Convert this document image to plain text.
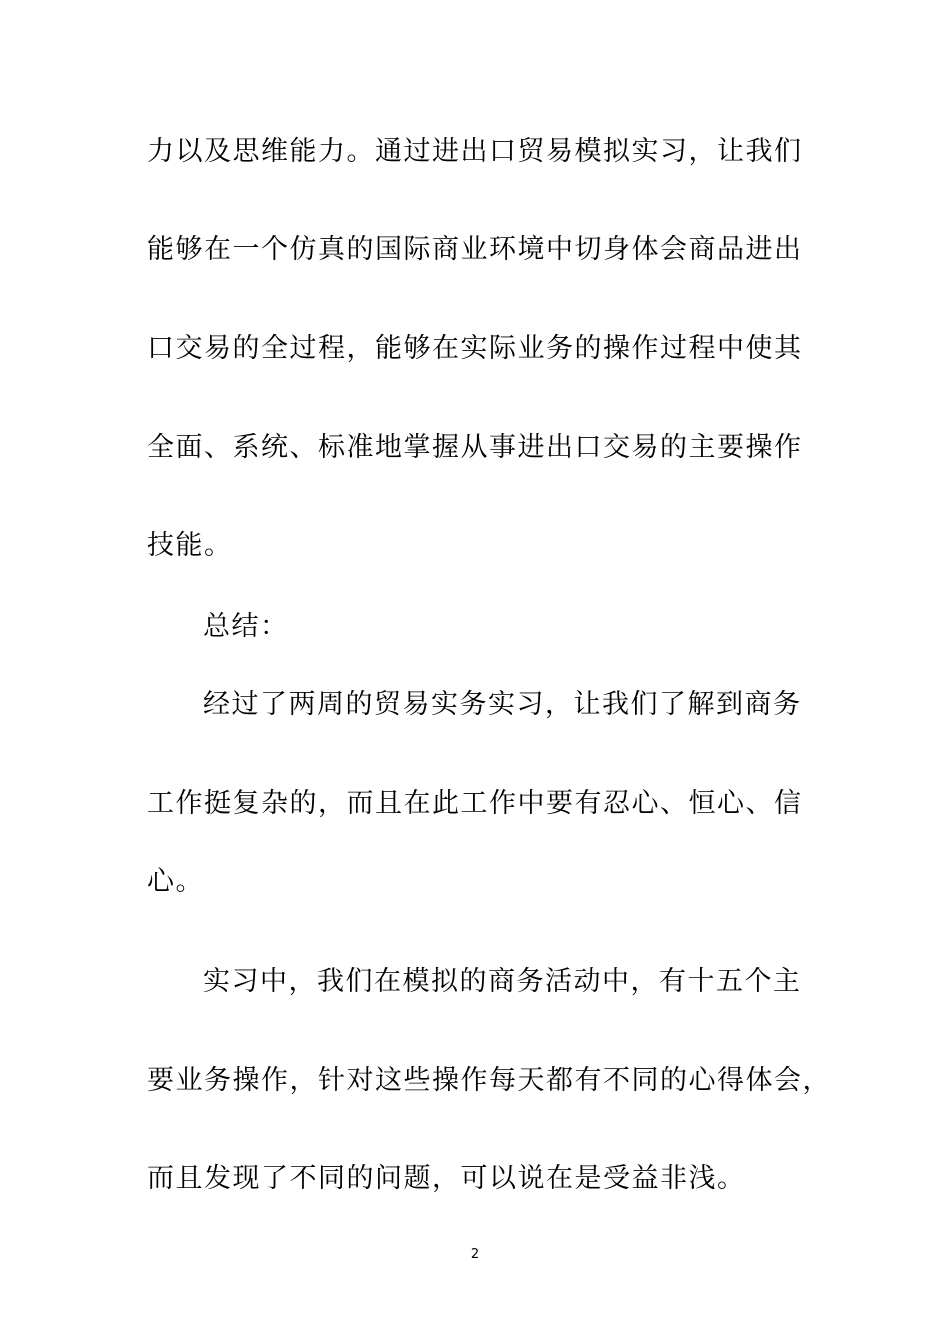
力以及思维能力。通过进出口贸易模拟实习，让我们
能够在一个仿真的国际商业环境中切身体会商品进出
口交易的全过程，能够在实际业务的操作过程中使其
全面、系统、标准地掌握从事进出口交易的主要操作
技能。
总结：
经过了两周的贸易实务实习，让我们了解到商务
工作挺复杂的，而且在此工作中要有忍心、恒心、信
心。
实习中，我们在模拟的商务活动中，有十五个主
要业务操作，针对这些操作每天都有不同的心得体会，
而且发现了不同的问题，可以说在是受益非浅。
2
